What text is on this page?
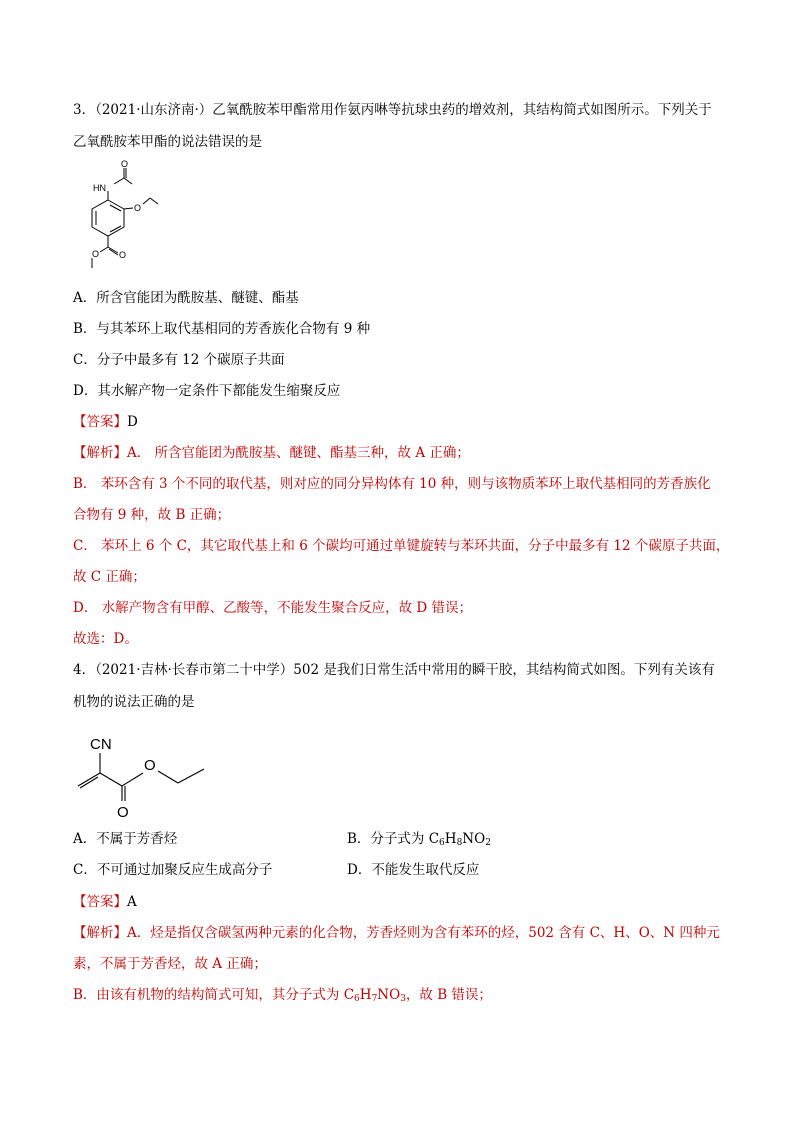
3．（2021·山东济南·）乙氧酰胺苯甲酯常用作氨丙啉等抗球虫药的增效剂，其结构简式如图所示。下列关于
乙氧酰胺苯甲酯的说法错误的是
HN
O
O
O
O
A．所含官能团为酰胺基、醚键、酯基
B．与其苯环上取代基相同的芳香族化合物有 9 种
C．分子中最多有 12 个碳原子共面
D．其水解产物一定条件下都能发生缩聚反应
【答案】D
【解析】A． 所含官能团为酰胺基、醚键、酯基三种，故 A 正确；
B． 苯环含有 3 个不同的取代基，则对应的同分异构体有 10 种，则与该物质苯环上取代基相同的芳香族化
合物有 9 种，故 B 正确；
C． 苯环上 6 个 C，其它取代基上和 6 个碳均可通过单键旋转与苯环共面，分子中最多有 12 个碳原子共面，
故 C 正确；
D． 水解产物含有甲醇、乙酸等，不能发生聚合反应，故 D 错误；
故选：D。
4．（2021·吉林·长春市第二十中学）502 是我们日常生活中常用的瞬干胶，其结构简式如图。下列有关该有
机物的说法正确的是
CN
O
O
A．不属于芳香烃	B．分子式为 $C_6H_8NO_2$
C．不可通过加聚反应生成高分子	D．不能发生取代反应
【答案】A
【解析】A．烃是指仅含碳氢两种元素的化合物，芳香烃则为含有苯环的烃，502 含有 C、H、O、N 四种元
素，不属于芳香烃，故 A 正确；
B．由该有机物的结构简式可知，其分子式为 $C_6H_7NO_3$，故 B 错误；
